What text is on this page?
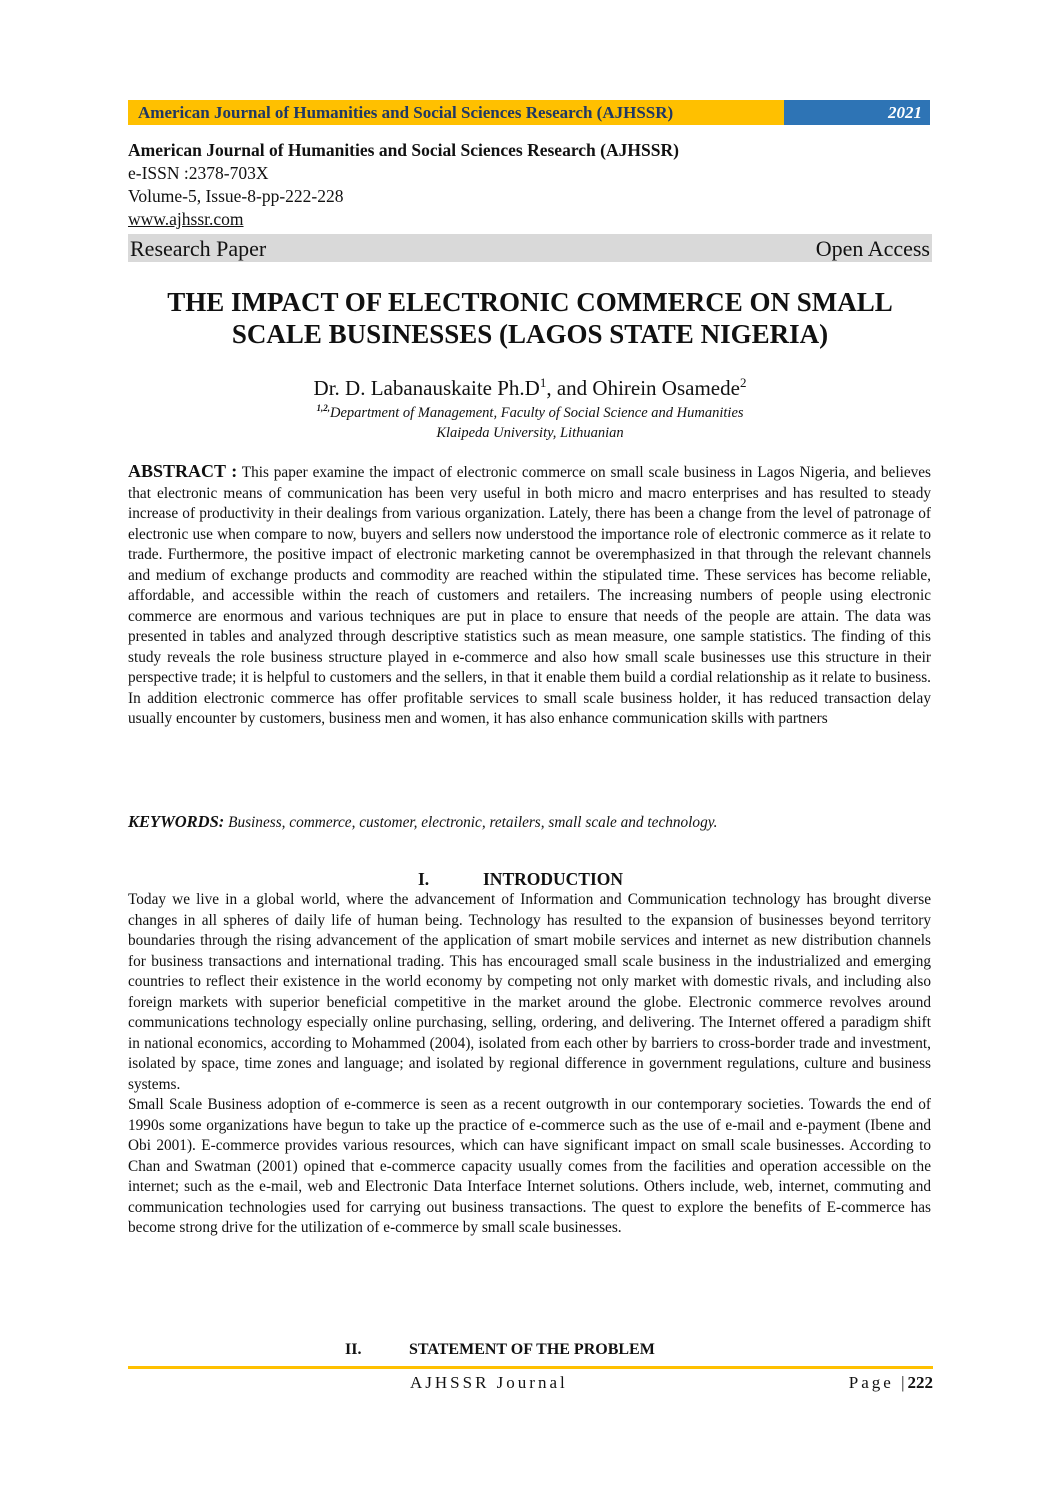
American Journal of Humanities and Social Sciences Research (AJHSSR)	2021
American Journal of Humanities and Social Sciences Research (AJHSSR)
e-ISSN :2378-703X
Volume-5, Issue-8-pp-222-228
www.ajhssr.com
Research Paper	Open Access
THE IMPACT OF ELECTRONIC COMMERCE ON SMALL
SCALE BUSINESSES (LAGOS STATE NIGERIA)
Dr. D. Labanauskaite $Ph.D^1$, and Ohirein Osamede$^2$
$^{1,2,}$Department of Management, Faculty of Social Science and Humanities
Klaipeda University, Lithuanian

ABSTRACT : This paper examine the impact of electronic commerce on small scale business in Lagos Nigeria, and believes that electronic means of communication has been very useful in both micro and macro enterprises and has resulted to steady increase of productivity in their dealings from various organization. Lately, there has been a change from the level of patronage of electronic use when compare to now, buyers and sellers now understood the importance role of electronic commerce as it relate to trade. Furthermore, the positive impact of electronic marketing cannot be overemphasized in that through the relevant channels and medium of exchange products and commodity are reached within the stipulated time. These services has become reliable, affordable, and accessible within the reach of customers and retailers. The increasing numbers of people using electronic commerce are enormous and various techniques are put in place to ensure that needs of the people are attain. The data was presented in tables and analyzed through descriptive statistics such as mean measure, one sample statistics. The finding of this study reveals the role business structure played in e-commerce and also how small scale businesses use this structure in their perspective trade; it is helpful to customers and the sellers, in that it enable them build a cordial relationship as it relate to business. In addition electronic commerce has offer profitable services to small scale business holder, it has reduced transaction delay usually encounter by customers, business men and women, it has also enhance communication skills with partners

KEYWORDS: Business, commerce, customer, electronic, retailers, small scale and technology.
I.	INTRODUCTION

Today we live in a global world, where the advancement of Information and Communication technology has brought diverse changes in all spheres of daily life of human being. Technology has resulted to the expansion of businesses beyond territory boundaries through the rising advancement of the application of smart mobile services and internet as new distribution channels for business transactions and international trading. This has encouraged small scale business in the industrialized and emerging countries to reflect their existence in the world economy by competing not only market with domestic rivals, and including also foreign markets with superior beneficial competitive in the market around the globe. Electronic commerce revolves around communications technology especially online purchasing, selling, ordering, and delivering. The Internet offered a paradigm shift in national economics, according to Mohammed (2004), isolated from each other by barriers to cross-border trade and investment, isolated by space, time zones and language; and isolated by regional difference in government regulations, culture and business systems.

Small Scale Business adoption of e-commerce is seen as a recent outgrowth in our contemporary societies. Towards the end of 1990s some organizations have begun to take up the practice of e-commerce such as the use of e-mail and e-payment (Ibene and Obi 2001). E-commerce provides various resources, which can have significant impact on small scale businesses. According to Chan and Swatman (2001) opined that e-commerce capacity usually comes from the facilities and operation accessible on the internet; such as the e-mail, web and Electronic Data Interface Internet solutions. Others include, web, internet, commuting and communication technologies used for carrying out business transactions. The quest to explore the benefits of E-commerce has become strong drive for the utilization of e-commerce by small scale businesses.

II.	STATEMENT OF THE PROBLEM
AJHSSR Journal	Page |222
